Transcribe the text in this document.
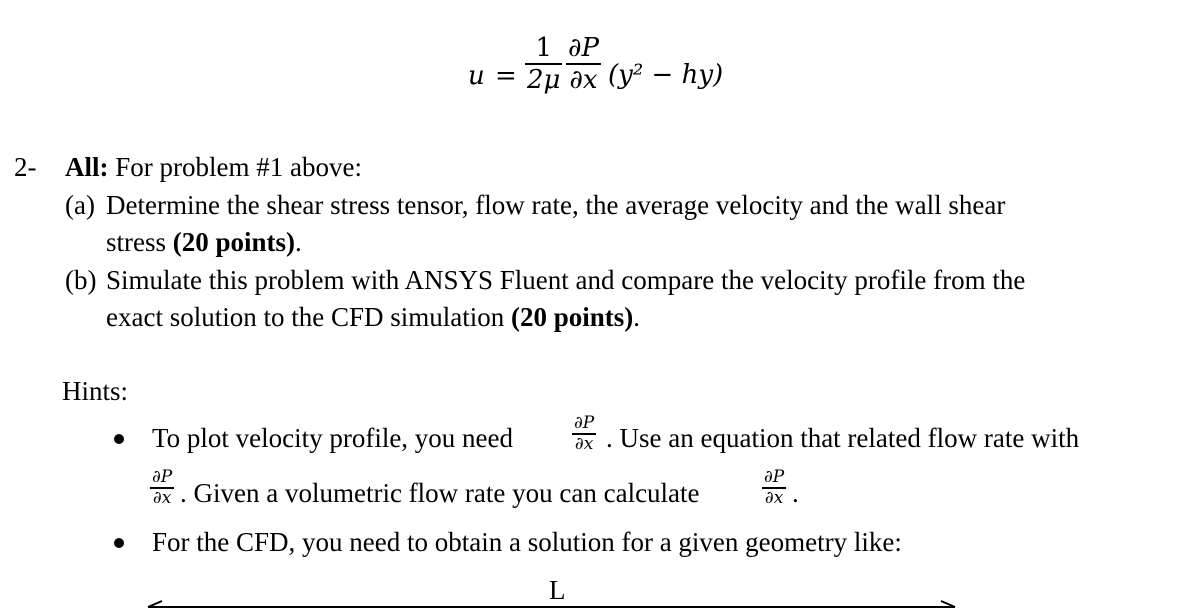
u =
1
2μ
∂P
∂x (y² − hy)
2- All: For problem #1 above:
(a) Determine the shear stress tensor, flow rate, the average velocity and the wall shear
stress (20 points).
(b) Simulate this problem with ANSYS Fluent and compare the velocity profile from the
exact solution to the CFD simulation (20 points).
Hints:
To plot velocity profile, you need	∂P
∂x . Use an equation that related flow rate with
∂P
∂x . Given a volumetric flow rate you can calculate
∂P
∂x .
For the CFD, you need to obtain a solution for a given geometry like:
L
